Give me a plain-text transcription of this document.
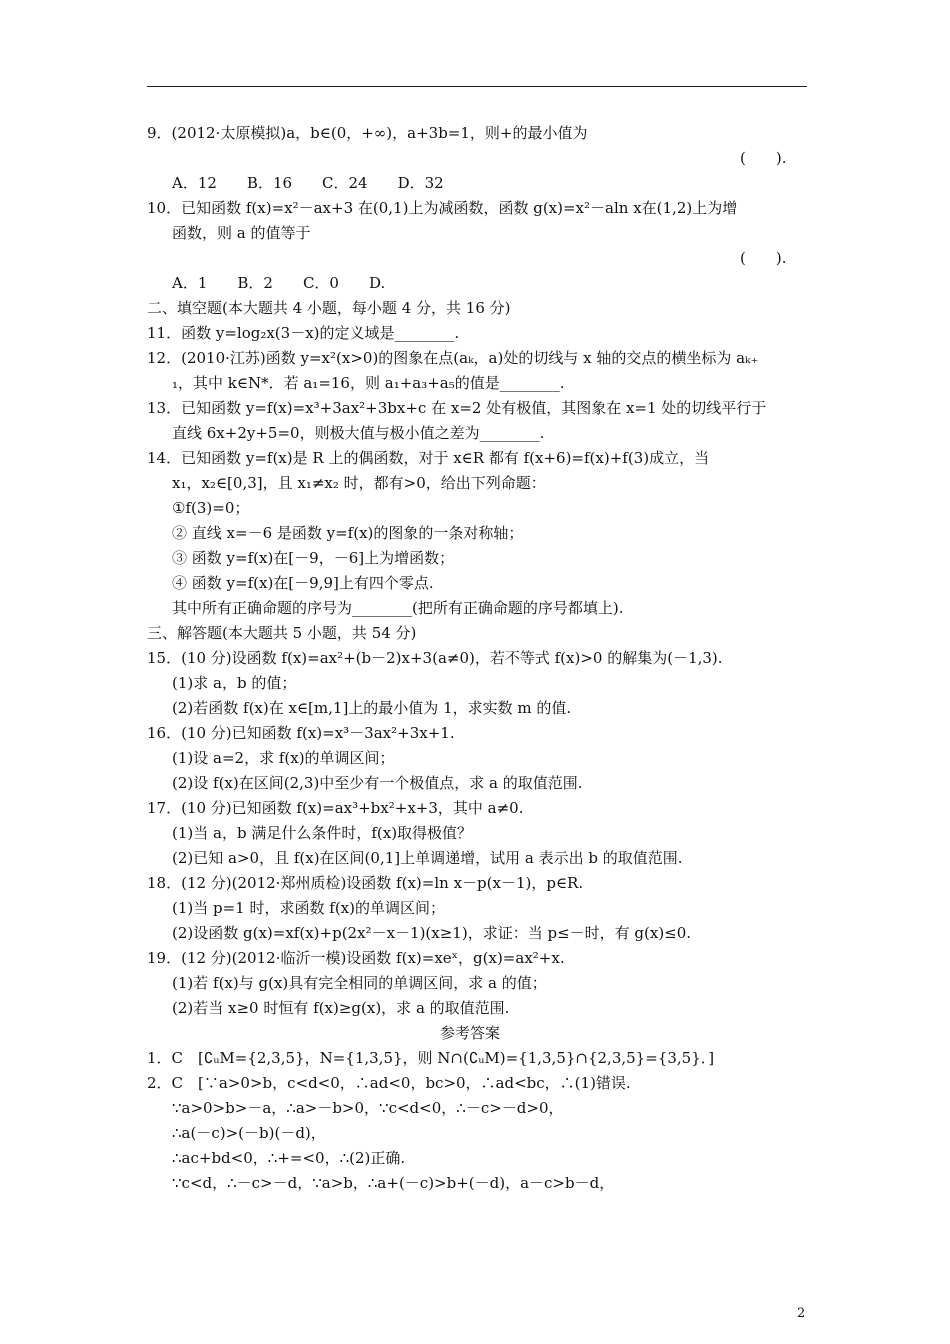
9．(2012·太原模拟)a，b∈(0，+∞)，a+3b=1，则+的最小值为
(　　).
A．12　　B．16　　C．24　　D．32
10．已知函数 f(x)=x²－ax+3 在(0,1)上为减函数，函数 g(x)=x²－aln x在(1,2)上为增
函数，则 a 的值等于
(　　).
A．1　　B．2　　C．0　　D.
二、填空题(本大题共 4 小题，每小题 4 分，共 16 分)
11．函数 y=log₂x(3－x)的定义域是________.
12．(2010·江苏)函数 y=x²(x>0)的图象在点(aₖ，a)处的切线与 x 轴的交点的横坐标为 aₖ₊
₁，其中 k∈N*．若 a₁=16，则 a₁+a₃+a₅的值是________.
13．已知函数 y=f(x)=x³+3ax²+3bx+c 在 x=2 处有极值，其图象在 x=1 处的切线平行于
直线 6x+2y+5=0，则极大值与极小值之差为________.
14．已知函数 y=f(x)是 R 上的偶函数，对于 x∈R 都有 f(x+6)=f(x)+f(3)成立，当
x₁，x₂∈[0,3]，且 x₁≠x₂ 时，都有>0，给出下列命题：
①f(3)=0；
② 直线 x=－6 是函数 y=f(x)的图象的一条对称轴；
③ 函数 y=f(x)在[－9，－6]上为增函数；
④ 函数 y=f(x)在[－9,9]上有四个零点.
其中所有正确命题的序号为________(把所有正确命题的序号都填上).
三、解答题(本大题共 5 小题，共 54 分)
15．(10 分)设函数 f(x)=ax²+(b－2)x+3(a≠0)，若不等式 f(x)>0 的解集为(－1,3).
(1)求 a，b 的值；
(2)若函数 f(x)在 x∈[m,1]上的最小值为 1，求实数 m 的值.
16．(10 分)已知函数 f(x)=x³－3ax²+3x+1.
(1)设 a=2，求 f(x)的单调区间；
(2)设 f(x)在区间(2,3)中至少有一个极值点，求 a 的取值范围.
17．(10 分)已知函数 f(x)=ax³+bx²+x+3，其中 a≠0.
(1)当 a，b 满足什么条件时，f(x)取得极值？
(2)已知 a>0，且 f(x)在区间(0,1]上单调递增，试用 a 表示出 b 的取值范围.
18．(12 分)(2012·郑州质检)设函数 f(x)=ln x－p(x－1)，p∈R.
(1)当 p=1 时，求函数 f(x)的单调区间；
(2)设函数 g(x)=xf(x)+p(2x²－x－1)(x≥1)，求证：当 p≤－时，有 g(x)≤0.
19．(12 分)(2012·临沂一模)设函数 f(x)=xeˣ，g(x)=ax²+x.
(1)若 f(x)与 g(x)具有完全相同的单调区间，求 a 的值；
(2)若当 x≥0 时恒有 f(x)≥g(x)，求 a 的取值范围.
参考答案
1．C　[∁ᵤM={2,3,5}，N={1,3,5}，则 N∩(∁ᵤM)={1,3,5}∩{2,3,5}={3,5}．]
2．C　[∵a>0>b，c<d<0，∴ad<0，bc>0，∴ad<bc，∴(1)错误.
∵a>0>b>－a，∴a>－b>0，∵c<d<0，∴－c>－d>0，
∴a(－c)>(－b)(－d)，
∴ac+bd<0，∴+=<0，∴(2)正确.
∵c<d，∴－c>－d，∵a>b，∴a+(－c)>b+(－d)，a－c>b－d，
2
